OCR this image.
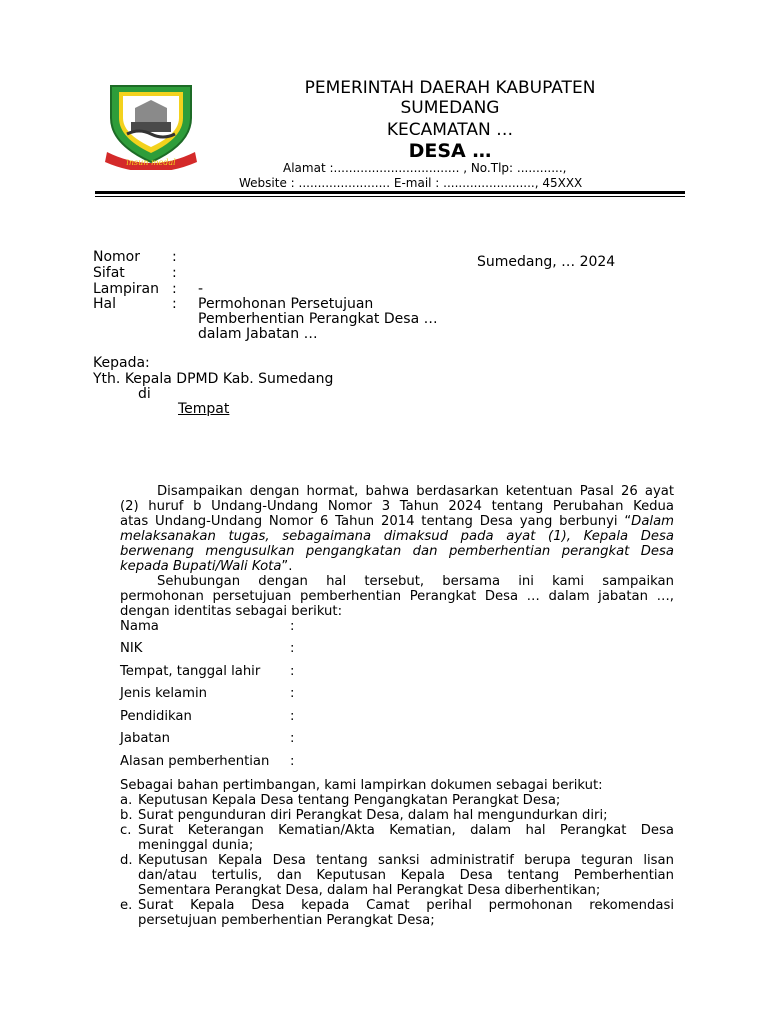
insun medal
PEMERINTAH DAERAH KABUPATEN
SUMEDANG
KECAMATAN …
DESA …
Alamat :................................. , No.Tlp: ............,
Website : ........................ E-mail : ........................, 45XXX
Nomor :	Sumedang, … 2024
Sifat	:
Lampiran : -
Hal	: Permohonan Persetujuan
Pemberhentian Perangkat Desa …
dalam Jabatan …
Kepada:
Yth. Kepala DPMD Kab. Sumedang
di
Tempat
Disampaikan dengan hormat, bahwa berdasarkan ketentuan Pasal 26 ayat
(2) huruf b Undang-Undang Nomor 3 Tahun 2024 tentang Perubahan Kedua
atas Undang-Undang Nomor 6 Tahun 2014 tentang Desa yang berbunyi “Dalam
melaksanakan tugas, sebagaimana dimaksud pada ayat (1), Kepala Desa
berwenang mengusulkan pengangkatan dan pemberhentian perangkat Desa
kepada Bupati/Wali Kota”.
Sehubungan dengan hal tersebut, bersama ini kami sampaikan
permohonan persetujuan pemberhentian Perangkat Desa … dalam jabatan …,
dengan identitas sebagai berikut:
Nama	:
NIK	:
Tempat, tanggal lahir :
Jenis kelamin	:
Pendidikan	:
Jabatan	:
Alasan pemberhentian :
Sebagai bahan pertimbangan, kami lampirkan dokumen sebagai berikut:
a. Keputusan Kepala Desa tentang Pengangkatan Perangkat Desa;
b. Surat pengunduran diri Perangkat Desa, dalam hal mengundurkan diri;
c. Surat Keterangan Kematian/Akta Kematian, dalam hal Perangkat Desa
meninggal dunia;
d. Keputusan Kepala Desa tentang sanksi administratif berupa teguran lisan
dan/atau tertulis, dan Keputusan Kepala Desa tentang Pemberhentian
Sementara Perangkat Desa, dalam hal Perangkat Desa diberhentikan;
e. Surat Kepala Desa kepada Camat perihal permohonan rekomendasi
persetujuan pemberhentian Perangkat Desa;
